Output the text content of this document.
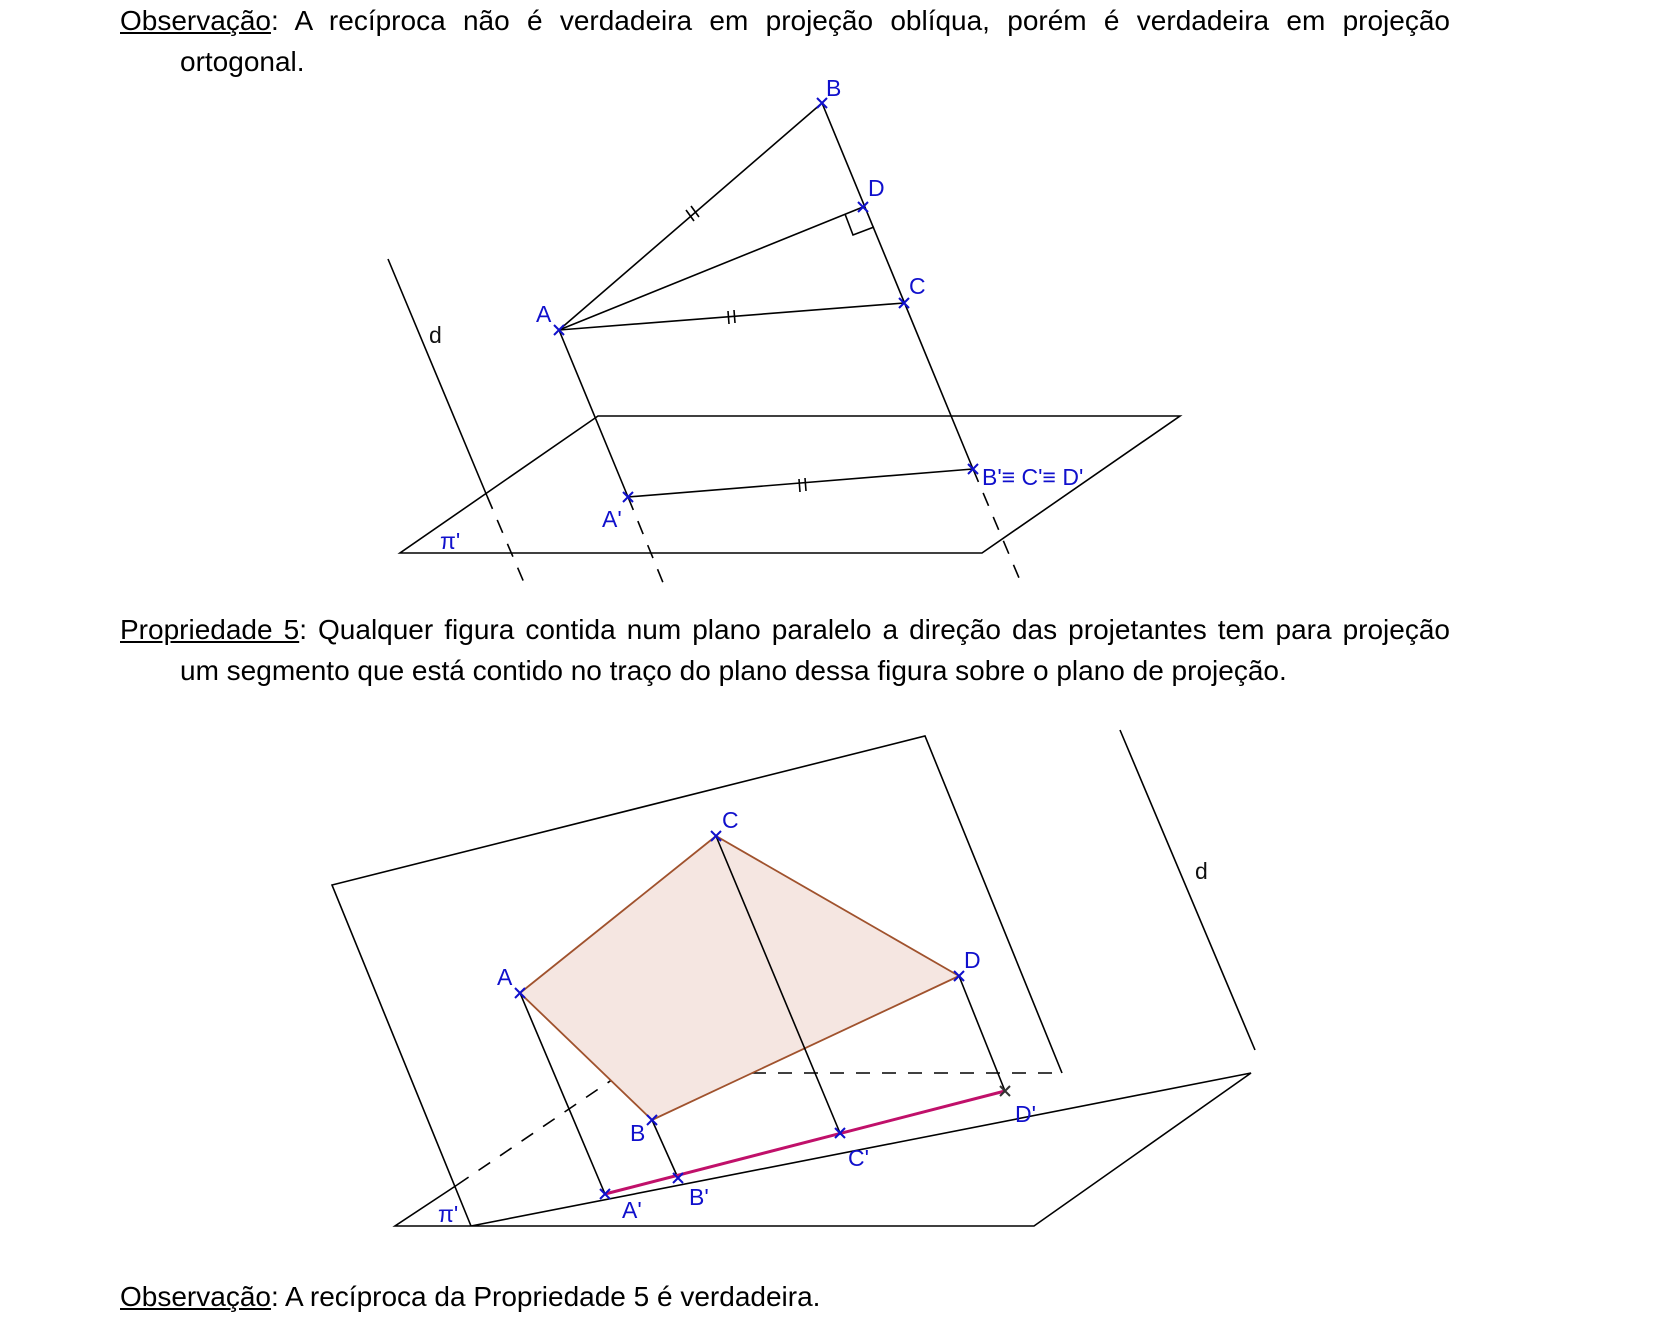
Observação: A recíproca não é verdadeira em projeção oblíqua, porém é verdadeira em projeção ortogonal.
Propriedade 5: Qualquer figura contida num plano paralelo a direção das projetantes tem para projeção um segmento que está contido no traço do plano dessa figura sobre o plano de projeção.
Observação: A recíproca da Propriedade 5 é verdadeira.
B
D
C
A
d
A'
B'≡ C'≡ D'
π'
C
A
D
B
d
A' B'
C'
D'
π'
